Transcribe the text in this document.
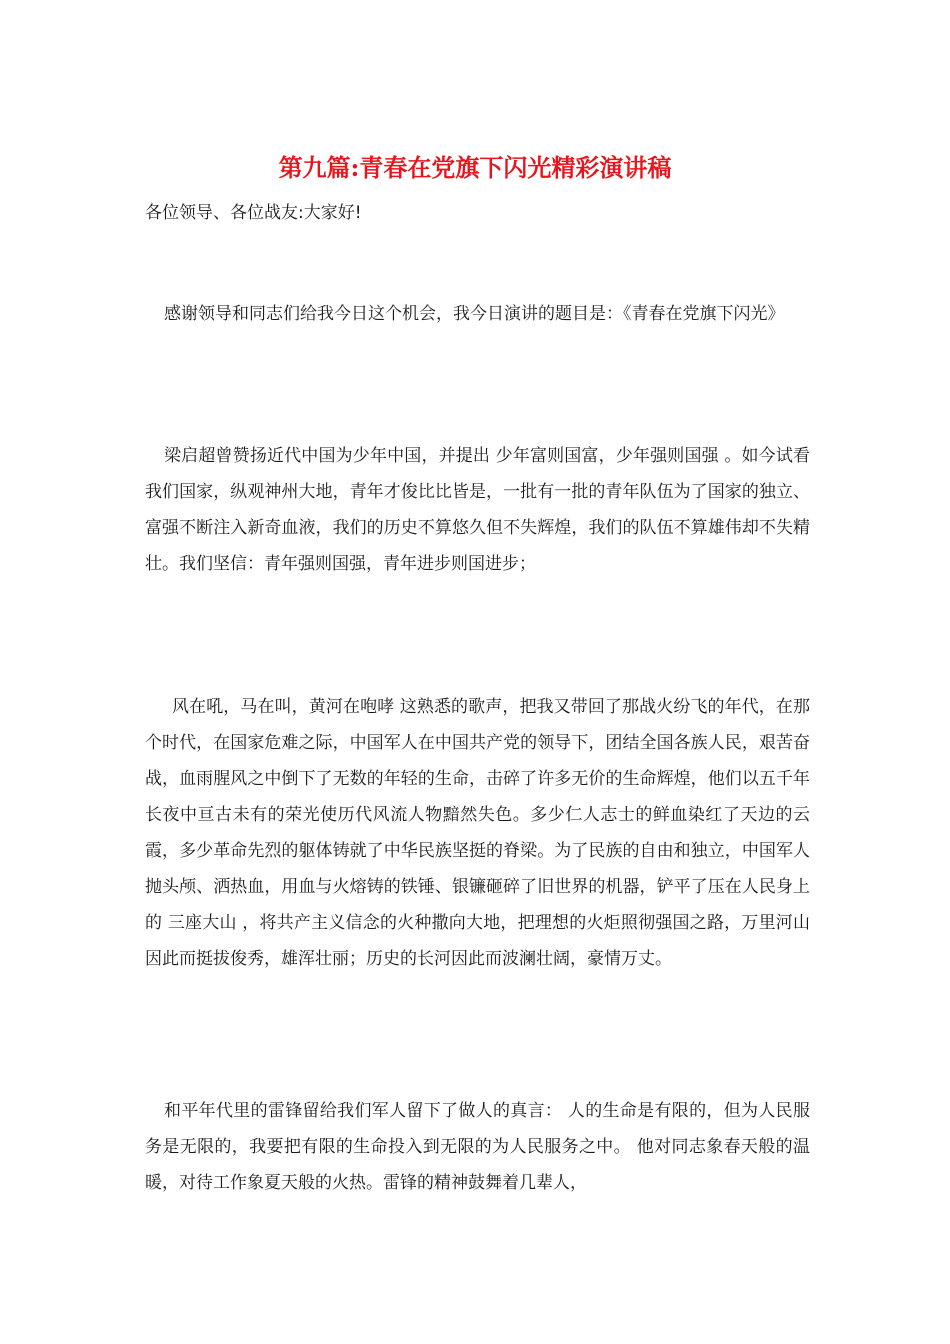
第九篇:青春在党旗下闪光精彩演讲稿

各位领导、各位战友:大家好!

感谢领导和同志们给我今日这个机会，我今日演讲的题目是：《青春在党旗下闪光》

梁启超曾赞扬近代中国为少年中国，并提出 少年富则国富，少年强则国强 。如今试看我们国家，纵观神州大地，青年才俊比比皆是，一批有一批的青年队伍为了国家的独立、富强不断注入新奇血液，我们的历史不算悠久但不失辉煌，我们的队伍不算雄伟却不失精壮。我们坚信：青年强则国强，青年进步则国进步；

风在吼，马在叫，黄河在咆哮 这熟悉的歌声，把我又带回了那战火纷飞的年代，在那个时代，在国家危难之际，中国军人在中国共产党的领导下，团结全国各族人民，艰苦奋战，血雨腥风之中倒下了无数的年轻的生命，击碎了许多无价的生命辉煌，他们以五千年长夜中亘古未有的荣光使历代风流人物黯然失色。多少仁人志士的鲜血染红了天边的云霞，多少革命先烈的躯体铸就了中华民族坚挺的脊梁。为了民族的自由和独立，中国军人抛头颅、洒热血，用血与火熔铸的铁锤、银镰砸碎了旧世界的机器，铲平了压在人民身上的 三座大山 ，将共产主义信念的火种撒向大地，把理想的火炬照彻强国之路，万里河山因此而挺拔俊秀，雄浑壮丽；历史的长河因此而波澜壮阔，豪情万丈。

和平年代里的雷锋留给我们军人留下了做人的真言： 人的生命是有限的，但为人民服务是无限的，我要把有限的生命投入到无限的为人民服务之中。 他对同志象春天般的温暖，对待工作象夏天般的火热。雷锋的精神鼓舞着几辈人，
